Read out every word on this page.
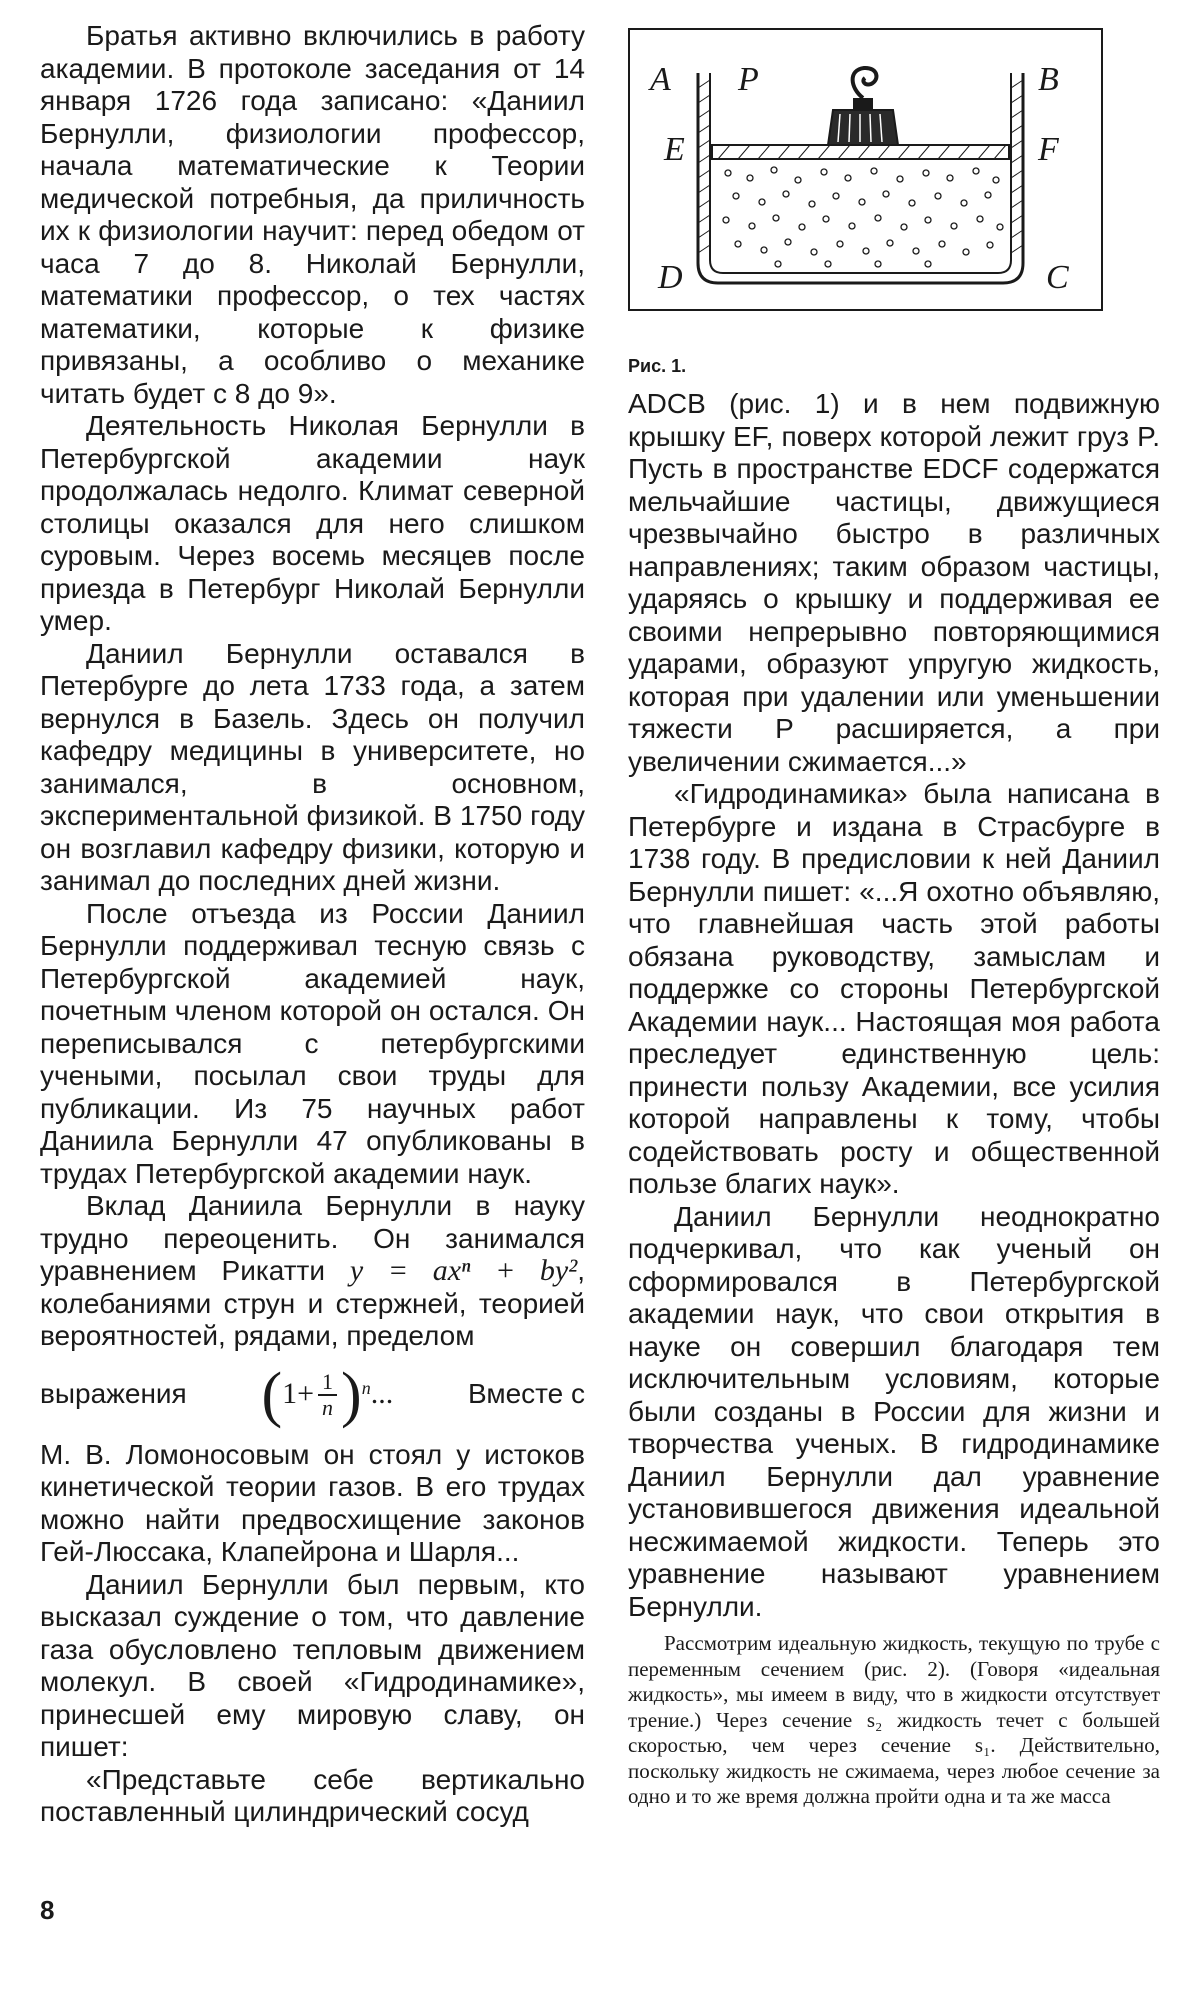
Братья активно включились в работу академии. В протоколе заседания от 14 января 1726 года записано: «Даниил Бернулли, физиологии профессор, начала математические к Теории медической потребныя, да приличность их к физиологии научит: перед обедом от часа 7 до 8. Николай Бернулли, математики профессор, о тех частях математики, которые к физике привязаны, а особливо о механике читать будет с 8 до 9».

Деятельность Николая Бернулли в Петербургской академии наук продолжалась недолго. Климат северной столицы оказался для него слишком суровым. Через восемь месяцев после приезда в Петербург Николай Бернулли умер.

Даниил Бернулли оставался в Петербурге до лета 1733 года, а затем вернулся в Базель. Здесь он получил кафедру медицины в университете, но занимался, в основном, экспериментальной физикой. В 1750 году он возглавил кафедру физики, которую и занимал до последних дней жизни.

После отъезда из России Даниил Бернулли поддерживал тесную связь с Петербургской академией наук, почетным членом которой он остался. Он переписывался с петербургскими учеными, посылал свои труды для публикации. Из 75 научных работ Даниила Бернулли 47 опубликованы в трудах Петербургской академии наук.

Вклад Даниила Бернулли в науку трудно переоценить. Он занимался уравнением Рикатти y = axⁿ + by², колебаниями струн и стержней, теорией вероятностей, рядами, пределом

выражения ( $1+ \frac{1}{n}$ ) n ...	Вместе с

М. В. Ломоносовым он стоял у истоков кинетической теории газов. В его трудах можно найти предвосхищение законов Гей-Люссака, Клапейрона и Шарля...

Даниил Бернулли был первым, кто высказал суждение о том, что давление газа обусловлено тепловым движением молекул. В своей «Гидродинамике», принесшей ему мировую славу, он пишет:

«Представьте себе вертикально поставленный цилиндрический сосуд

A P	B
E	F
D	C
Рис. 1.

ADCB (рис. 1) и в нем подвижную крышку EF, поверх которой лежит груз P. Пусть в пространстве EDCF содержатся мельчайшие частицы, движущиеся чрезвычайно быстро в различных направлениях; таким образом частицы, ударяясь о крышку и поддерживая ее своими непрерывно повторяющимися ударами, образуют упругую жидкость, которая при удалении или уменьшении тяжести P расширяется, а при увеличении сжимается...»

«Гидродинамика» была написана в Петербурге и издана в Страсбурге в 1738 году. В предисловии к ней Даниил Бернулли пишет: «...Я охотно объявляю, что главнейшая часть этой работы обязана руководству, замыслам и поддержке со стороны Петербургской Академии наук... Настоящая моя работа преследует единственную цель: принести пользу Академии, все усилия которой направлены к тому, чтобы содействовать росту и общественной пользе благих наук».

Даниил Бернулли неоднократно подчеркивал, что как ученый он сформировался в Петербургской академии наук, что свои открытия в науке он совершил благодаря тем исключительным условиям, которые были созданы в России для жизни и творчества ученых. В гидродинамике Даниил Бернулли дал уравнение установившегося движения идеальной несжимаемой жидкости. Теперь это уравнение называют уравнением Бернулли.

Рассмотрим идеальную жидкость, текущую по трубе с переменным сечением (рис. 2). (Говоря «идеальная жидкость», мы имеем в виду, что в жидкости отсутствует трение.) Через сечение s₂ жидкость течет с большей скоростью, чем через сечение s₁. Действительно, поскольку жидкость не сжимаема, через любое сечение за одно и то же время должна пройти одна и та же масса

8
